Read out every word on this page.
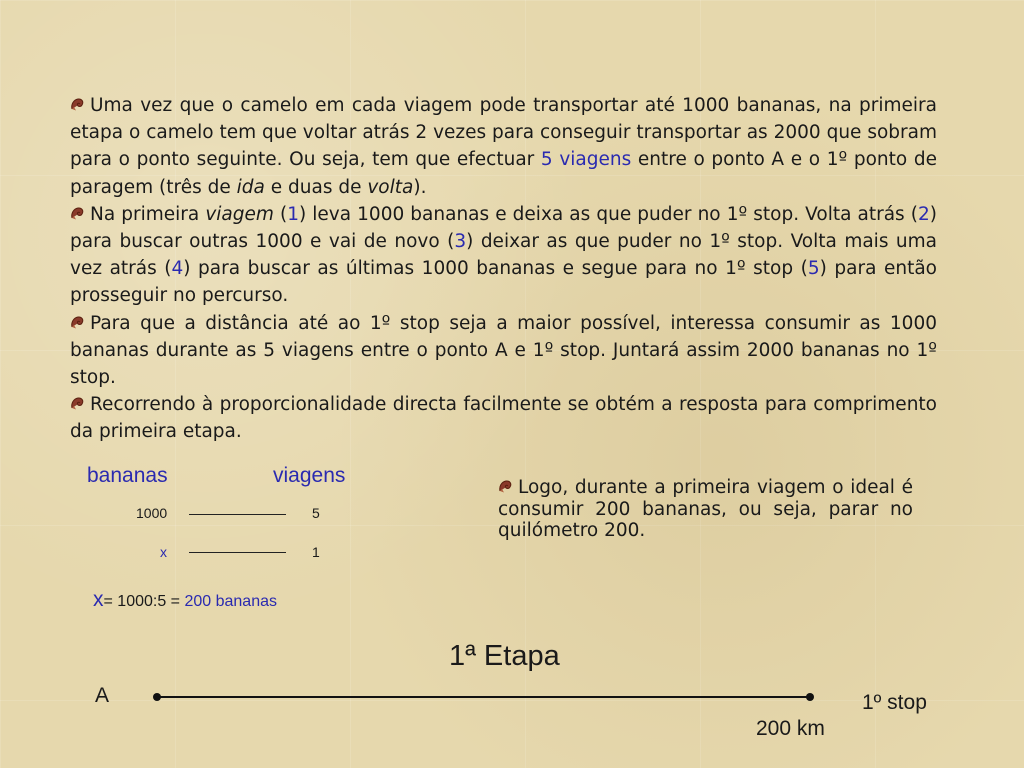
Uma vez que o camelo em cada viagem pode transportar até 1000 bananas, na primeira etapa o camelo tem que voltar atrás 2 vezes para conseguir transportar as 2000 que sobram para o ponto seguinte. Ou seja, tem que efectuar 5 viagens entre o ponto A e o 1º ponto de paragem (três de ida e duas de volta).

Na primeira viagem (1) leva 1000 bananas e deixa as que puder no 1º stop. Volta atrás (2) para buscar outras 1000 e vai de novo (3) deixar as que puder no 1º stop. Volta mais uma vez atrás (4) para buscar as últimas 1000 bananas e segue para no 1º stop (5) para então prosseguir no percurso.

Para que a distância até ao 1º stop seja a maior possível, interessa consumir as 1000 bananas durante as 5 viagens entre o ponto A e 1º stop. Juntará assim 2000 bananas no 1º stop.

Recorrendo à proporcionalidade directa facilmente se obtém a resposta para comprimento da primeira etapa.

Logo, durante a primeira viagem o ideal é consumir 200 bananas, ou seja, parar no quilómetro 200.
bananas	viagens
1000	5
x	1
x= 1000:5 = 200 bananas
1ª Etapa
A	1º stop
200 km
